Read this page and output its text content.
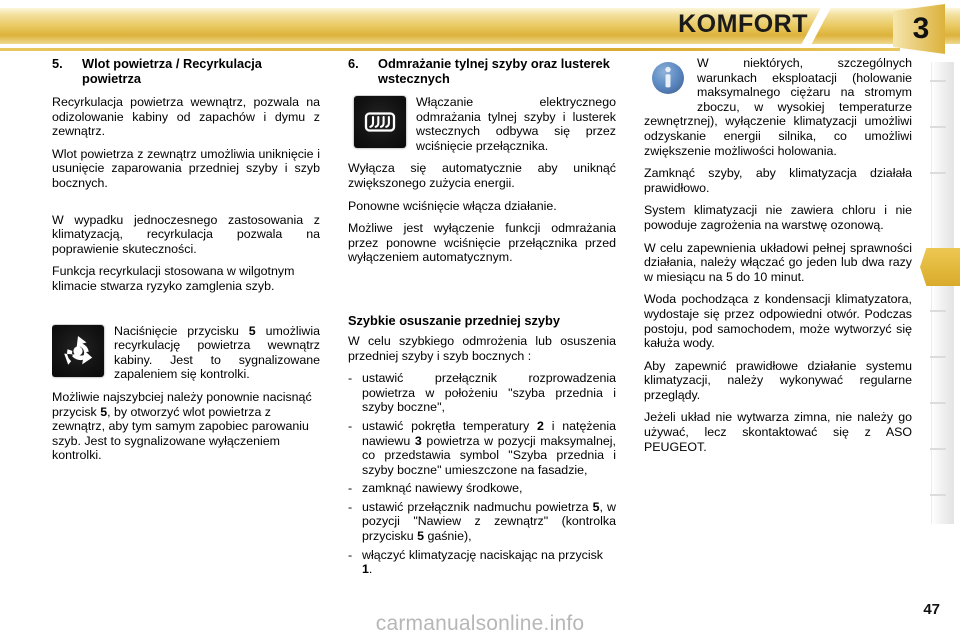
KOMFORT	3
5.	Wlot powietrza / Recyrkulacja powietrza

Recyrkulacja powietrza wewnątrz, pozwala na odizolowanie kabiny od zapachów i dymu z zewnątrz.

Wlot powietrza z zewnątrz umożliwia uniknięcie i usunięcie zaparowania przedniej szyby i szyb bocznych.

W wypadku jednoczesnego zastosowania z klimatyzacją, recyrkulacja pozwala na poprawienie skuteczności.

Funkcja recyrkulacji stosowana w wilgotnym klimacie stwarza ryzyko zamglenia szyb.

Naciśnięcie przycisku 5 umożliwia recyrkulację powietrza wewnątrz kabiny. Jest to sygnalizowane zapaleniem się kontrolki.

Możliwie najszybciej należy ponownie nacisnąć przycisk 5, by otworzyć wlot powietrza z zewnątrz, aby tym samym zapobiec parowaniu szyb. Jest to sygnalizowane wyłączeniem kontrolki.

6.	Odmrażanie tylnej szyby oraz lusterek wstecznych

Włączanie elektrycznego odmrażania tylnej szyby i lusterek wstecznych odbywa się przez wciśnięcie przełącznika.

Wyłącza się automatycznie aby uniknąć zwiększonego zużycia energii.

Ponowne wciśnięcie włącza działanie.

Możliwe jest wyłączenie funkcji odmrażania przez ponowne wciśnięcie przełącznika przed wyłączeniem automatycznym.

Szybkie osuszanie przedniej szyby

W celu szybkiego odmrożenia lub osuszenia przedniej szyby i szyb bocznych :

- ustawić przełącznik rozprowadzenia powietrza w położeniu "szyba przednia i szyby boczne",
- ustawić pokrętła temperatury 2 i natężenia nawiewu 3 powietrza w pozycji maksymalnej, co przedstawia symbol "Szyba przednia i szyby boczne" umieszczone na fasadzie,
- zamknąć nawiewy środkowe,
- ustawić przełącznik nadmuchu powietrza 5, w pozycji "Nawiew z zewnątrz" (kontrolka przycisku 5 gaśnie),
- włączyć klimatyzację naciskając na przycisk 1.

W niektórych, szczególnych warunkach eksploatacji (holowanie maksymalnego ciężaru na stromym zboczu, w wysokiej temperaturze zewnętrznej), wyłączenie klimatyzacji umożliwi odzyskanie energii silnika, co umożliwi zwiększenie możliwości holowania.

Zamknąć szyby, aby klimatyzacja działała prawidłowo.

System klimatyzacji nie zawiera chloru i nie powoduje zagrożenia na warstwę ozonową.

W celu zapewnienia układowi pełnej sprawności działania, należy włączać go jeden lub dwa razy w miesiącu na 5 do 10 minut.

Woda pochodząca z kondensacji klimatyzatora, wydostaje się przez odpowiedni otwór. Podczas postoju, pod samochodem, może wytworzyć się kałuża wody.

Aby zapewnić prawidłowe działanie systemu klimatyzacji, należy wykonywać regularne przeglądy.

Jeżeli układ nie wytwarza zimna, nie należy go używać, lecz skontaktować się z ASO PEUGEOT.

47
carmanualsonline.info
